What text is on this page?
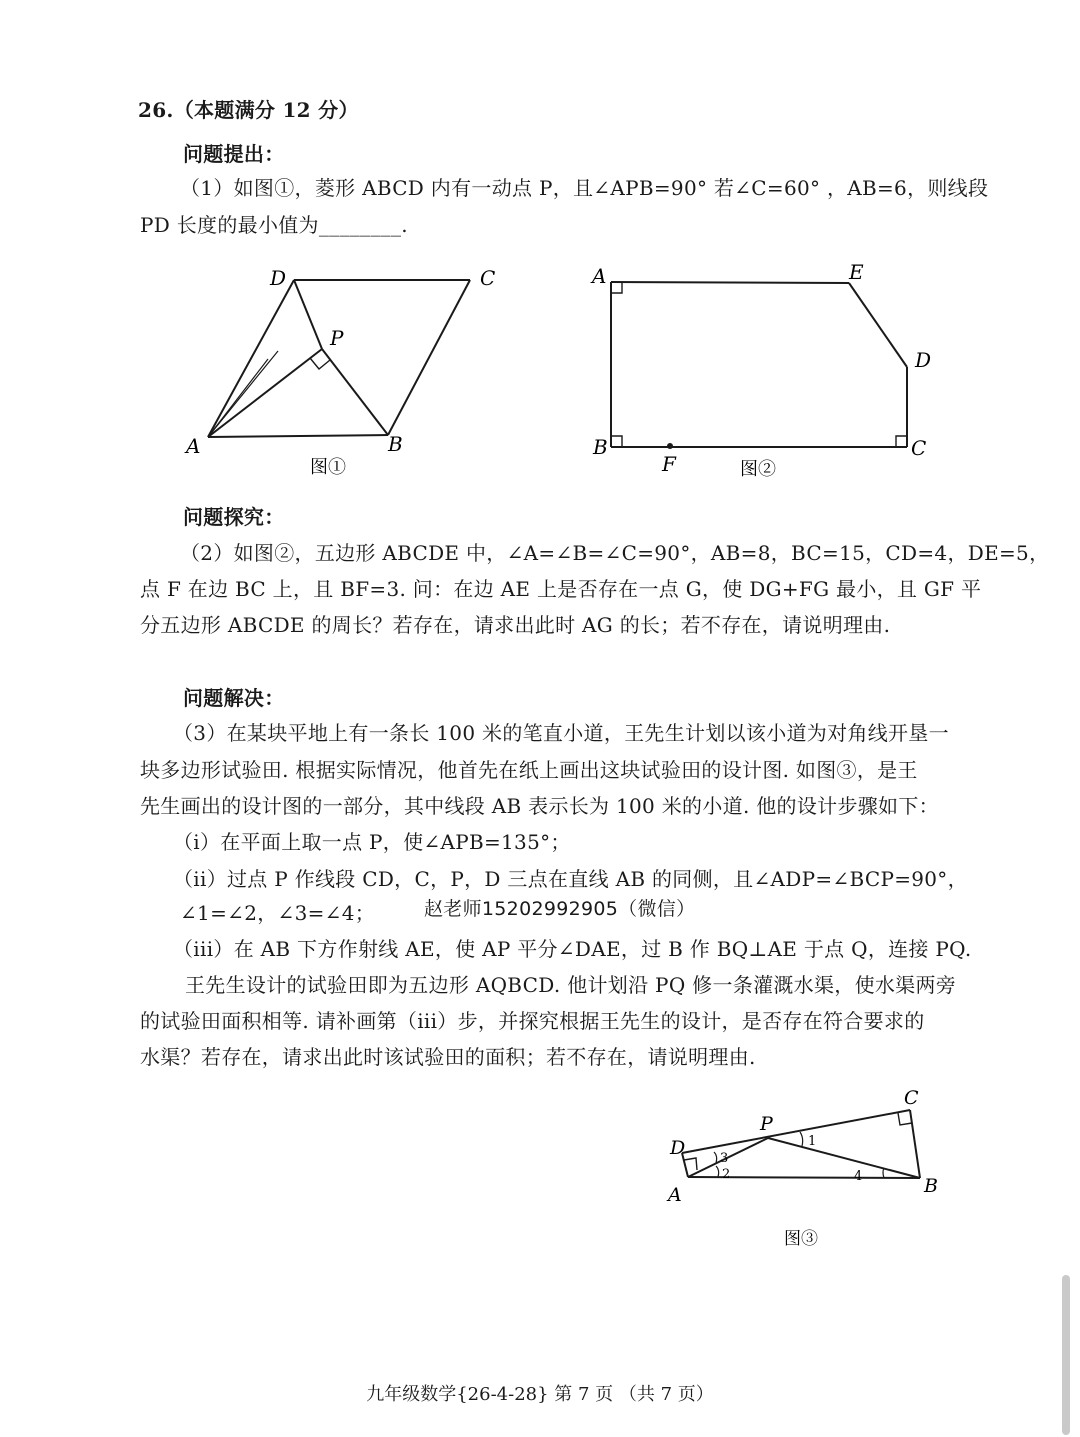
26.（本题满分 12 分）
问题提出：
（1）如图①，菱形 ABCD 内有一动点 P，且∠APB=90° 若∠C=60° ，AB=6，则线段
PD 长度的最小值为________.
D	C
P
A	B
图①
A	E
D
B	C
F	图②
问题探究：
（2）如图②，五边形 ABCDE 中，∠A=∠B=∠C=90°，AB=8，BC=15，CD=4，DE=5，
点 F 在边 BC 上，且 BF=3. 问：在边 AE 上是否存在一点 G，使 DG+FG 最小，且 GF 平
分五边形 ABCDE 的周长？若存在，请求出此时 AG 的长；若不存在，请说明理由.
问题解决：
（3）在某块平地上有一条长 100 米的笔直小道，王先生计划以该小道为对角线开垦一
块多边形试验田. 根据实际情况，他首先在纸上画出这块试验田的设计图. 如图③，是王
先生画出的设计图的一部分，其中线段 AB 表示长为 100 米的小道. 他的设计步骤如下：
（i）在平面上取一点 P，使∠APB=135°；
（ii）过点 P 作线段 CD，C，P，D 三点在直线 AB 的同侧，且∠ADP=∠BCP=90°，
∠1=∠2，∠3=∠4；	赵老师15202992905（微信）
（iii）在 AB 下方作射线 AE，使 AP 平分∠DAE，过 B 作 BQ⊥AE 于点 Q，连接 PQ.
王先生设计的试验田即为五边形 AQBCD. 他计划沿 PQ 修一条灌溉水渠，使水渠两旁
的试验田面积相等. 请补画第（iii）步，并探究根据王先生的设计，是否存在符合要求的
水渠？若存在，请求出此时该试验田的面积；若不存在，请说明理由.
D
P
C
A	B
1
2
3
4
图③
九年级数学{26-4-28} 第 7 页 （共 7 页）
